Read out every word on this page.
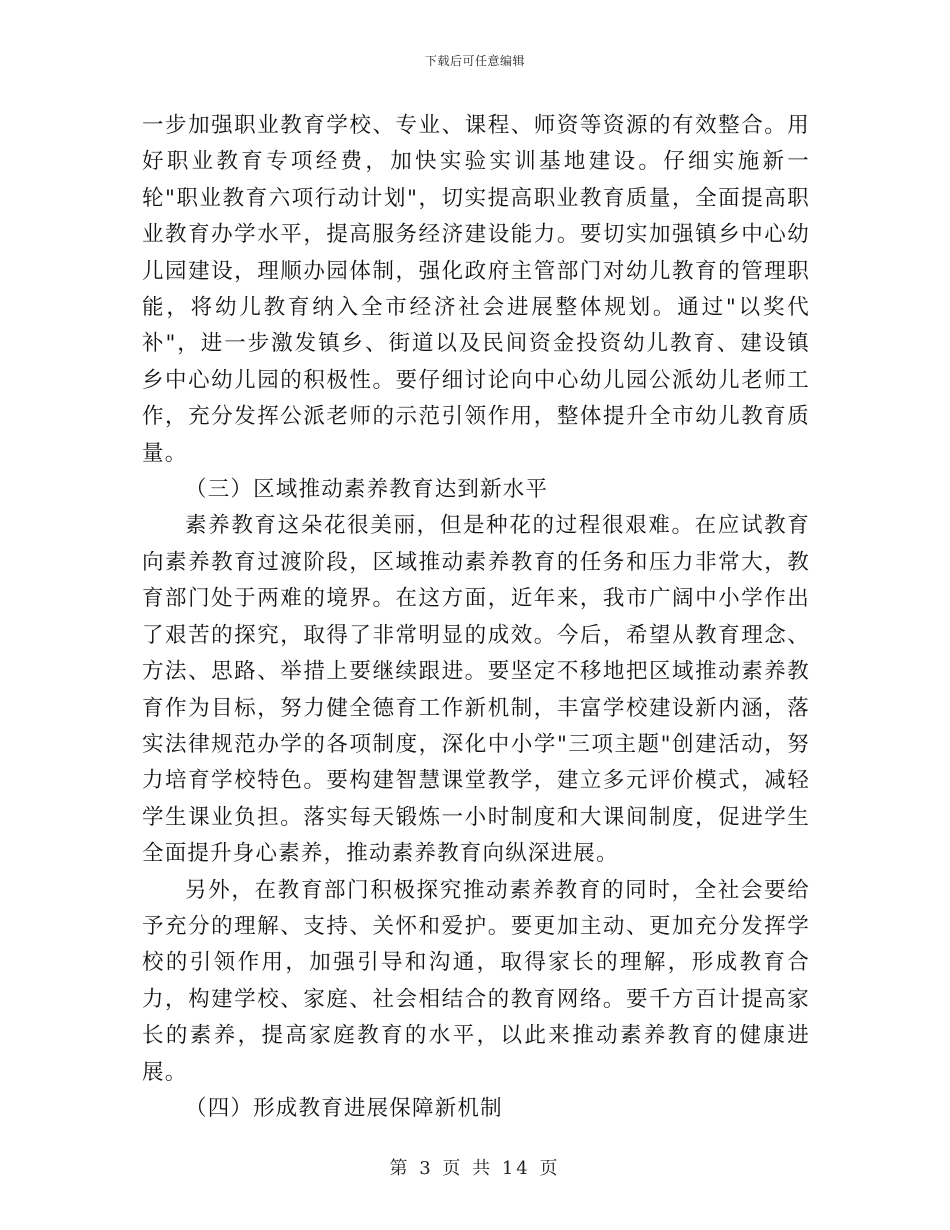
下载后可任意编辑

一步加强职业教育学校、专业、课程、师资等资源的有效整合。用好职业教育专项经费，加快实验实训基地建设。仔细实施新一轮"职业教育六项行动计划"，切实提高职业教育质量，全面提高职业教育办学水平，提高服务经济建设能力。要切实加强镇乡中心幼儿园建设，理顺办园体制，强化政府主管部门对幼儿教育的管理职能，将幼儿教育纳入全市经济社会进展整体规划。通过"以奖代补"，进一步激发镇乡、街道以及民间资金投资幼儿教育、建设镇乡中心幼儿园的积极性。要仔细讨论向中心幼儿园公派幼儿老师工作，充分发挥公派老师的示范引领作用，整体提升全市幼儿教育质量。

（三）区域推动素养教育达到新水平

素养教育这朵花很美丽，但是种花的过程很艰难。在应试教育向素养教育过渡阶段，区域推动素养教育的任务和压力非常大，教育部门处于两难的境界。在这方面，近年来，我市广阔中小学作出了艰苦的探究，取得了非常明显的成效。今后，希望从教育理念、方法、思路、举措上要继续跟进。要坚定不移地把区域推动素养教育作为目标，努力健全德育工作新机制，丰富学校建设新内涵，落实法律规范办学的各项制度，深化中小学"三项主题"创建活动，努力培育学校特色。要构建智慧课堂教学，建立多元评价模式，减轻学生课业负担。落实每天锻炼一小时制度和大课间制度，促进学生全面提升身心素养，推动素养教育向纵深进展。

另外，在教育部门积极探究推动素养教育的同时，全社会要给予充分的理解、支持、关怀和爱护。要更加主动、更加充分发挥学校的引领作用，加强引导和沟通，取得家长的理解，形成教育合力，构建学校、家庭、社会相结合的教育网络。要千方百计提高家长的素养，提高家庭教育的水平，以此来推动素养教育的健康进展。

（四）形成教育进展保障新机制
第 3 页 共 14 页
